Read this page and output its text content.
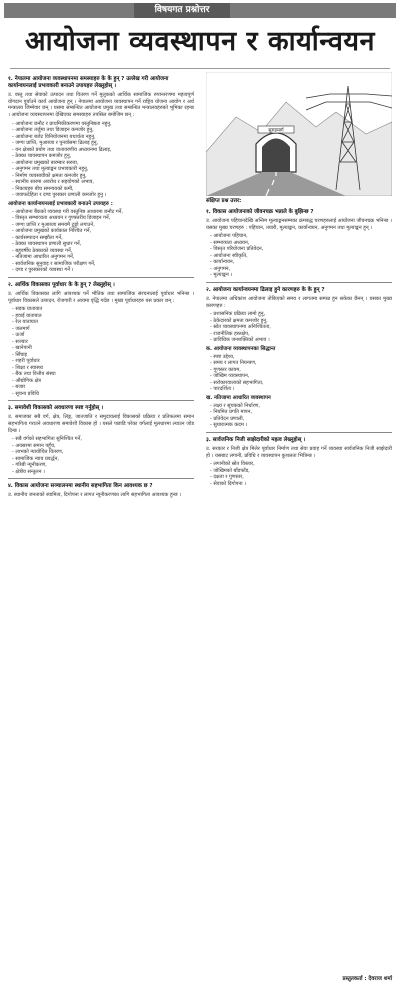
विषयगत प्रश्नोत्तर
आयोजना व्यवस्थापन र कार्यान्वयन
१. नेपालमा आयोजना व्यवस्थापनमा समस्याहरु के के हुन् ? उल्लेख गरी आयोजना कार्यान्वयनलाई प्रभावकारी बनाउने उपायहरु लेख्नुहोस् ।
उ. वस्तु तथा सेवाको उत्पादन तथा वितरण गर्ने मुलुकको आर्थिक सामाजिक रुपान्तरणमा महत्वपूर्ण योगदान पुर्याउने कार्य आयोजना हुन् । नेपालमा आयोजना व्यवस्थापन गर्ने राष्ट्रिय योजना आयोग र अर्थ मन्त्रालय जिम्मेवार छन् । यसमा सम्बन्धित आयोजना प्रमुख तथा सम्बन्धित मन्त्रालयहरुको भूमिका रहन्छ । आयोजना व्यवस्थापनमा देखिएका समस्याहरु तपसिल बमोजिम छन् :
- आयोजना छनौट र प्राथमिकीकरणमा वस्तुनिष्ठता नहुनु,
- आयोजना तर्जुमा तथा डिजाइन कमजोर हुनु,
- आयोजना बजेट विनियोजनमा यथार्थता नहुनु,
- जग्गा प्राप्ति, मुआब्जा र पुनर्वासमा ढिलाइ हुनु,
- वन क्षेत्रको प्रयोग तथा वातावरणीय अध्ययनमा ढिलाइ,
- ठेक्का व्यवस्थापन कमजोर हुनु,
- आयोजना प्रमुखको बारम्बार सरुवा,
- अनुगमन तथा मूल्याङ्कन प्रभावकारी नहुनु,
- निर्माण व्यवसायीको क्षमता कमजोर हुनु,
- स्थानीय स्तरमा अवरोध र सहयोगको अभाव,
- निकायहरु बीच समन्वयको कमी,
- जवाफदेहिता र दण्ड पुरस्कार प्रणाली कमजोर हुनु ।
आयोजना कार्यान्वयनलाई प्रभावकारी बनाउने उपायहरु :
- आयोजना बैंकको व्यवस्था गरी वस्तुनिष्ठ आधारमा छनौट गर्ने,
- विस्तृत सम्भाव्यता अध्ययन र गुणस्तरीय डिजाइन गर्ने,
- जग्गा प्राप्ति र मुआब्जा समयमै टुङ्गो लगाउने,
- आयोजना प्रमुखको कार्यकाल निश्चित गर्ने,
- कार्यसम्पादन सम्झौता गर्ने,
- ठेक्का व्यवस्थापन प्रणाली सुधार गर्ने,
- बहुवर्षीय ठेक्काको व्यवस्था गर्ने,
- नतिजामा आधारित अनुगमन गर्ने,
- सार्वजनिक सुनुवाइ र सामाजिक परीक्षण गर्ने,
- दण्ड र पुरस्कारको व्यवस्था गर्ने ।
२. आर्थिक विकासका पूर्वाधार के के हुन् ? लेख्नुहोस् ।
उ. आर्थिक विकासका लागि आवश्यक पर्ने भौतिक तथा सामाजिक संरचनालाई पूर्वाधार भनिन्छ । पूर्वाधार विकासले उत्पादन, रोजगारी र आयमा वृद्धि गर्दछ । मुख्य पूर्वाधारहरु यस प्रकार छन् :
- सडक यातायात
- हवाई यातायात
- रेल यातायात
- जलमार्ग
- ऊर्जा
- सञ्चार
- खानेपानी
- सिँचाइ
- शहरी पूर्वाधार
- शिक्षा र स्वास्थ्य
- बैंक तथा वित्तीय संस्था
- औद्योगिक क्षेत्र
- बजार
- सूचना प्रविधि
३. समावेशी विकासको अवधारणा स्पष्ट गर्नुहोस् ।
उ. समाजका सबै वर्ग, क्षेत्र, लिङ्ग, जातजाति र समुदायलाई विकासको प्रक्रिया र प्रतिफलमा समान सहभागिता गराउने अवधारणा समावेशी विकास हो । यसले पछाडि परेका वर्गलाई मूलधारमा ल्याउन जोड दिन्छ ।
- सबै वर्गको सहभागिता सुनिश्चित गर्ने,
- अवसरमा समान पहुँच,
- लाभको न्यायोचित वितरण,
- सामाजिक न्याय प्रवर्द्धन,
- गरिबी न्यूनीकरण,
- क्षेत्रीय सन्तुलन ।
४. विकास आयोजना सञ्चालनमा स्थानीय सहभागिता किन आवश्यक छ ?
उ. स्थानीय जनताको स्वामित्व, दिगोपना र लागत न्यूनीकरणका लागि सहभागिता आवश्यक हुन्छ ।
सुरुङमार्ग
संक्षिप्त प्रश्न उत्तर:
१. विकास आयोजनाको जीवनचक्र भन्नाले के बुझिन्छ ?
उ. आयोजना पहिचानदेखि अन्तिम मूल्याङ्कनसम्मका क्रमबद्ध चरणहरुलाई आयोजना जीवनचक्र भनिन्छ । यसका मुख्य चरणहरु : पहिचान, तयारी, मूल्याङ्कन, कार्यान्वयन, अनुगमन तथा मूल्याङ्कन हुन् ।
- आयोजना पहिचान,
- सम्भाव्यता अध्ययन,
- विस्तृत परियोजना प्रतिवेदन,
- आयोजना स्वीकृति,
- कार्यान्वयन,
- अनुगमन,
- मूल्याङ्कन ।
२. आयोजना कार्यान्वयनमा ढिलाइ हुने कारणहरु के के हुन् ?
उ. नेपालमा अधिकांश आयोजना तोकिएको समय र लागतमा सम्पन्न हुन सकेका छैनन् । यसका मुख्य कारणहरु :
- प्रशासनिक प्रक्रिया लामो हुनु,
- ठेकेदारको क्षमता कमजोर हुनु,
- स्रोत व्यवस्थापनमा अनिश्चितता,
- राजनीतिक हस्तक्षेप,
- प्राविधिक जनशक्तिको अभाव ।
क. आयोजना व्यवस्थापनका सिद्धान्त
- स्पष्ट उद्देश्य,
- समय र लागत नियन्त्रण,
- गुणस्तर कायम,
- जोखिम व्यवस्थापन,
- सरोकारवालाको सहभागिता,
- पारदर्शिता ।
ख. नतिजामा आधारित व्यवस्थापन
- लक्ष्य र सूचकको निर्धारण,
- नियमित प्रगति मापन,
- प्रतिवेदन प्रणाली,
- सुधारात्मक कदम ।
३. सार्वजनिक निजी साझेदारीको महत्व लेख्नुहोस् ।
उ. सरकार र निजी क्षेत्र मिलेर पूर्वाधार निर्माण तथा सेवा प्रवाह गर्ने व्यवस्था सार्वजनिक निजी साझेदारी हो । यसबाट लगानी, प्रविधि र व्यवस्थापन कुशलता भित्रिन्छ ।
- लगानीको स्रोत विस्तार,
- जोखिमको बाँडफाँड,
- दक्षता र गुणस्तर,
- सेवाको दिगोपना ।
प्रस्तुतकर्ता : देवराज शर्मा
